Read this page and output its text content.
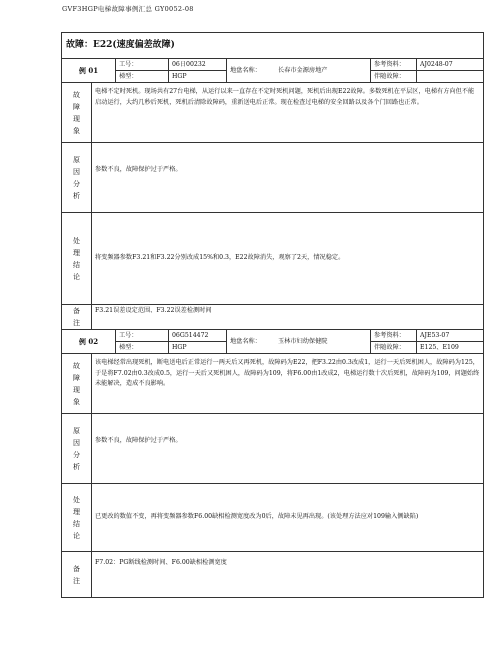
GVF3HGP电梯故障事例汇总 GY0052-08
故障：E22(速度偏差故障)						
例 01		工号：	06日00232	地盘名称： 长春市金源房地产	参考资料：	AJ0248-07
		梯型：	HGP		伴随故障：	

故
障
现
象	电梯不定时死机。现场共有27台电梯，从运行以来一直存在不定时死机问题，死机后出现E22故障。多数死机在平层区，电梯有方向但不能启动运行，大约几秒后死机，死机后清除故障码，重新送电后正常。现在检查过电梯的安全回路以及各个门回路也正常。					

原
因
分
析	参数不良，故障保护过于严格。					

处
理
结
论	将变频器参数F3.21和F3.22分别改成15%和0.3，E22故障消失，观察了2天，情况稳定。					

备
注	F3.21误差设定范围、F3.22误差检测时间					
例 02		工号：	06G514472	地盘名称： 玉林市妇幼保健院	参考资料：	AJE53-07
		梯型：	HGP		伴随故障：	E125、E109

故
障
现
象	该电梯经常出现死机，断电送电后正常运行一两天后又再死机，故障码为E22，把F3.22由0.3改成1，运行一天后死机困人，故障码为125，于是将F7.02由0.3改成0.5，运行一天后又死机困人，故障码为109，将F6.00由1改成2，电梯运行数十次后死机，故障码为109，问题始终未能解决，造成不良影响。					

原
因
分
析	参数不良，故障保护过于严格。					

处
理
结
论	已更改的数值不变，再将变频器参数F6.00缺相检测宽度改为0后，故障未见再出现。(该处理方法应对109输入侧缺陷)					

备
注	F7.02：PG断线检测时间、F6.00缺相检测宽度					
